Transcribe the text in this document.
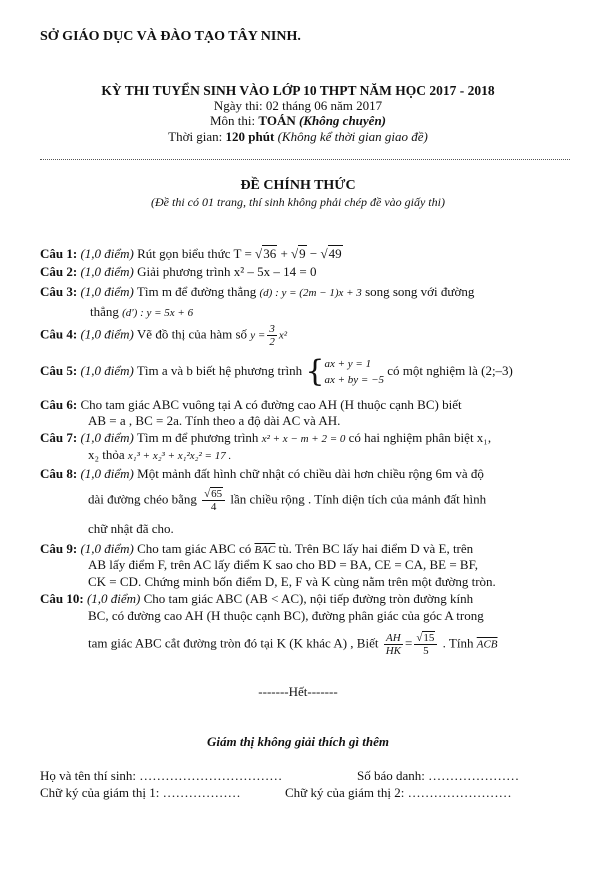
SỞ GIÁO DỤC VÀ ĐÀO TẠO TÂY NINH.
KỲ THI TUYỂN SINH VÀO LỚP 10 THPT NĂM HỌC 2017 - 2018
Ngày thi: 02 tháng 06 năm 2017
Môn thi: TOÁN (Không chuyên)
Thời gian: 120 phút (Không kể thời gian giao đề)
ĐỀ CHÍNH THỨC
(Đề thi có 01 trang, thí sinh không phải chép đề vào giấy thi)
Câu 1: (1,0 điểm) Rút gọn biểu thức T = √36 + √9 − √49
Câu 2: (1,0 điểm) Giải phương trình x² – 5x – 14 = 0
Câu 3: (1,0 điểm) Tìm m để đường thẳng (d) : y = (2m − 1)x + 3 song song với đường
thẳng (d') : y = 5x + 6
Câu 4: (1,0 điểm) Vẽ đồ thị của hàm số $y = \frac{3}{2} x^2$
Câu 5: (1,0 điểm) Tìm a và b biết hệ phương trình { ax + y = 1
ax + by = −5
có một nghiệm là (2;–3)
Câu 6: Cho tam giác ABC vuông tại A có đường cao AH (H thuộc cạnh BC) biết
AB = a , BC = 2a. Tính theo a độ dài AC và AH.
Câu 7: (1,0 điểm) Tìm m để phương trình x² + x − m + 2 = 0 có hai nghiệm phân biệt x₁,
x₂ thỏa x₁³ + x₂³ + x₁²x₂² = 17 .
Câu 8: (1,0 điểm) Một mảnh đất hình chữ nhật có chiều dài hơn chiều rộng 6m và độ
dài đường chéo bằng $\frac{√65}{4}$ lần chiều rộng . Tính diện tích của mảnh đất hình
chữ nhật đã cho.
Câu 9: (1,0 điểm) Cho tam giác ABC có $\overline{BAC}$ tù. Trên BC lấy hai điểm D và E, trên
AB lấy điểm F, trên AC lấy điểm K sao cho BD = BA, CE = CA, BE = BF,
CK = CD. Chứng minh bốn điểm D, E, F và K cùng nằm trên một đường tròn.
Câu 10: (1,0 điểm) Cho tam giác ABC (AB < AC), nội tiếp đường tròn đường kính
BC, có đường cao AH (H thuộc cạnh BC), đường phân giác của góc A trong
tam giác ABC cắt đường tròn đó tại K (K khác A) , Biết $\frac{AH}{HK} = \frac{√15}{5}$ . Tính $\overline{ACB}$
-------Hết-------
Giám thị không giải thích gì thêm
Họ và tên thí sinh: ……………………………	Số báo danh: …………………
Chữ ký của giám thị 1: ………………	Chữ ký của giám thị 2: ……………………
